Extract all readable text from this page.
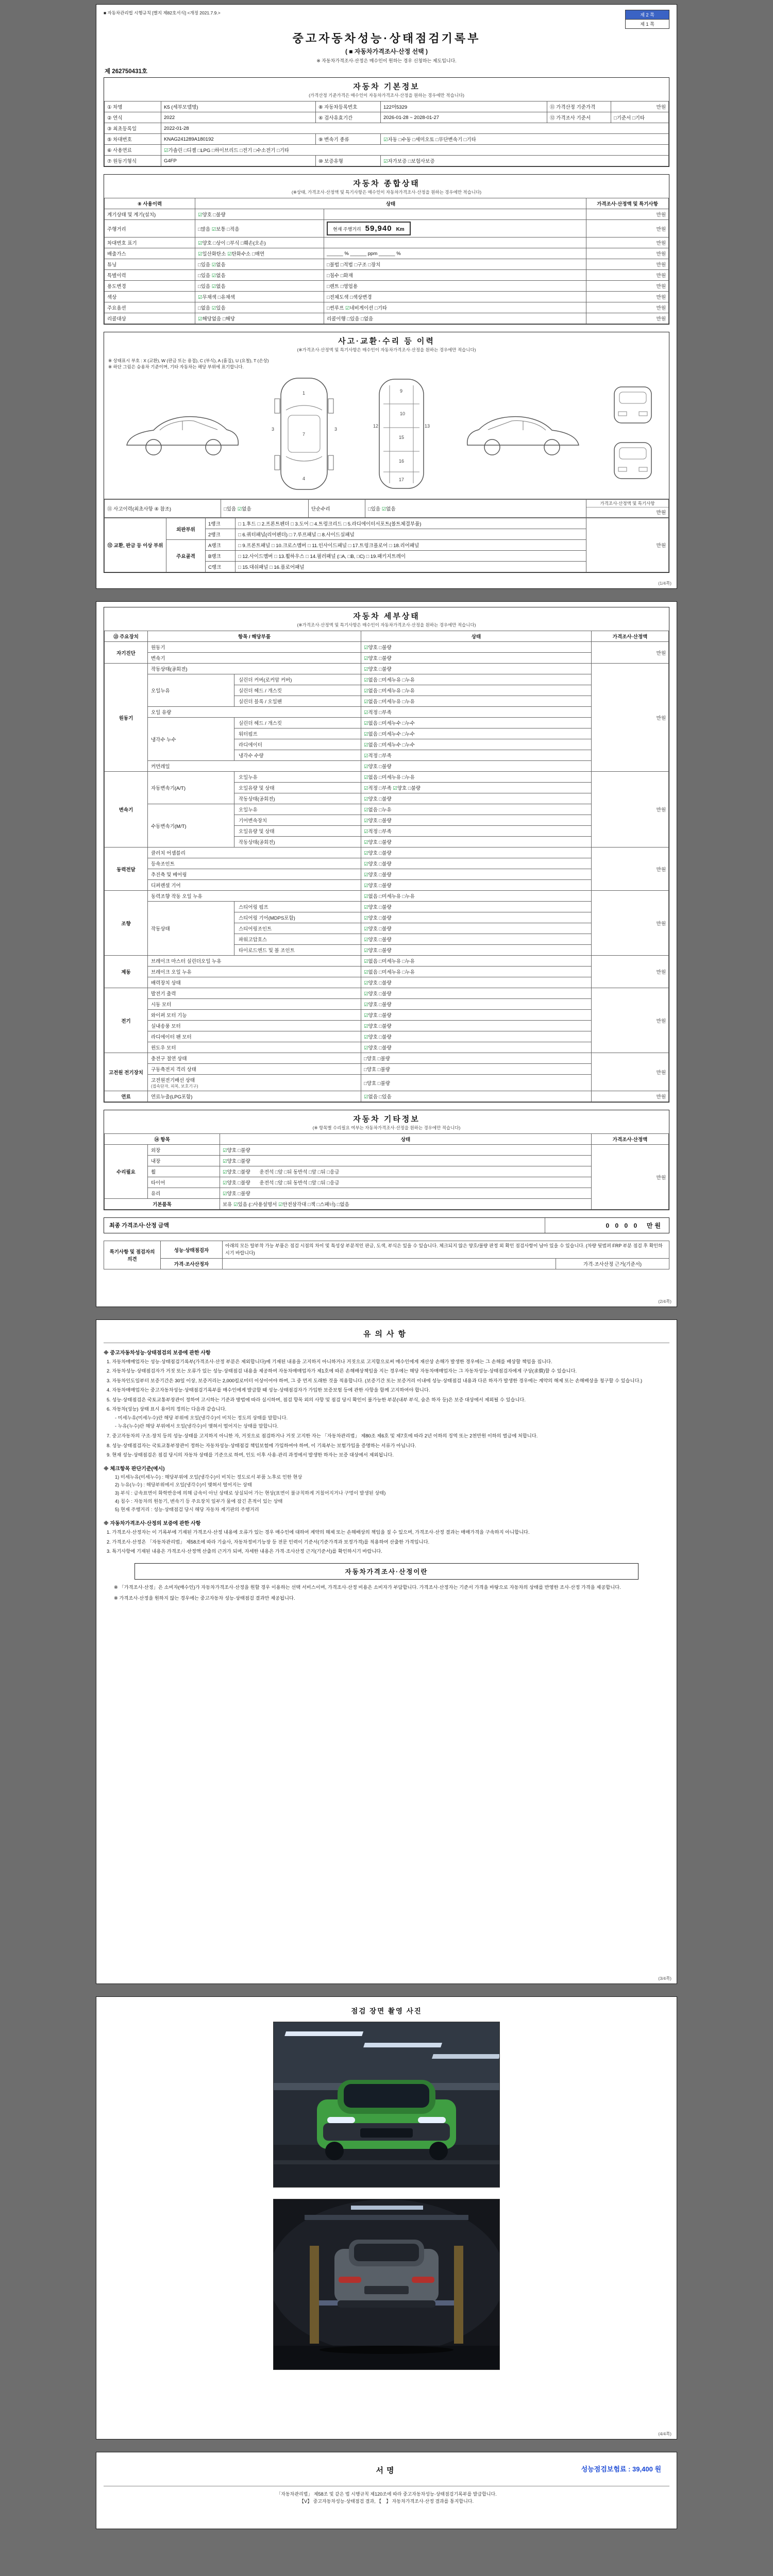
■ 자동차관리법 시행규칙 [별지 제82호서식] <개정 2021.7.9.>	제 2 쪽
제 1 쪽
중고자동차성능·상태점검기록부
( ■ 자동차가격조사·산정 선택 )
※ 자동차가격조사·산정은 매수인이 원하는 경우 신청하는 제도입니다.
제 262750431호
자동차 기본정보
(가격산정 기준가격은 매수인이 자동차가격조사·산정을 원하는 경우에만 적습니다)
① 차명	K5 (세부모델명)	⑧ 자동차등록번호	122머5329	⑪ 가격산정 기준가격	만원
② 연식	2022	④ 검사유효기간	2026-01-28 ~ 2028-01-27	⑫ 가격조사 기준서	□기준서 □기타
③ 최초등록일	2022-01-28				
⑤ 차대번호	KNAG241289A180192	⑨ 변속기 종류	☑자동 □수동 □세미오토 □무단변속기 □기타		
⑥ 사용연료	☑가솔린 □디젤 □LPG □하이브리드 □전기 □수소전기 □기타				
⑦ 원동기형식	G4FP	⑩ 보증유형	☑자가보증 □보험사보증		
자동차 종합상태
(※상태, 가격조사·산정액 및 특기사항은 매수인이 자동차가격조사·산정을 원하는 경우에만 적습니다)
⑧ 사용이력	상태		가격조사·산정액 및 특기사항
계기상태 및 계기(설치)	☑양호 □불량		만원
주행거리	□많음 ☑보통 □적음	현재 주행거리 59,940 Km	만원
차대번호 표기	☑양호 □상이 □부식 □훼손(오손)		만원
배출가스	☑일산화탄소 ☑탄화수소 □매연	______ % ______ ppm ______ %	만원
튜닝	□있음 ☑없음	□불법 □적법 □구조 □장치	만원
특별이력	□있음 ☑없음	□침수 □화재	만원
용도변경	□있음 ☑없음	□렌트 □영업용	만원
색상	☑무채색 □유채색	□전체도색 □색상변경	만원
주요옵션	□없음 ☑있음	□썬루프 ☑네비게이션 □기타	만원
리콜대상	☑해당없음 □해당	리콜이행 □있음 □없음	만원
사고·교환·수리 등 이력
(※가격조사·산정액 및 특기사항은 매수인이 자동차가격조사·산정을 원하는 경우에만 적습니다)
※ 상태표시 부호 : X (교환), W (판금 또는 용접), C (부식), A (흠집), U (요철), T (손상)
※ 하단 그림은 승용차 기준이며, 기타 자동차는 해당 부위에 표기합니다.
1
3	3
7
4
9
10
12	13
15
16
17
⑪ 사고이력(최초사항 ④ 참조)	□있음 ☑없음	단순수리	□있음 ☑없음	
가격조사·산정액 및 특기사항
만원
⑫ 교환, 판금 등 이상 부위	외판부위	1랭크	□ 1.후드 □ 2.프론트펜더 □ 3.도어 □ 4.트렁크리드 □ 5.라디에이터서포트(볼트체결부품)	만원
		2랭크	□ 6.쿼터패널(리어펜더) □ 7.루프패널 □ 8.사이드실패널	
	주요골격	A랭크	□ 9.프론트패널 □ 10.크로스멤버 □ 11.인사이드패널 □ 17.트렁크플로어 □ 18.리어패널	
		B랭크	□ 12.사이드멤버 □ 13.휠하우스 □ 14.필러패널 (□A, □B, □C) □ 19.패키지트레이	
		C랭크	□ 15.대쉬패널 □ 16.플로어패널	
(1/4쪽)
자동차 세부상태
(※가격조사·산정액 및 특기사항은 매수인이 자동차가격조사·산정을 원하는 경우에만 적습니다)
⑬ 주요장치	항목 / 해당부품		상태	가격조사·산정액
자기진단	원동기		☑양호 □불량	만원
	변속기		☑양호 □불량	
원동기	작동상태(공회전)		☑양호 □불량	만원
	오일누유	실린더 커버(로커암 커버)	☑없음 □미세누유 □누유	
		실린더 헤드 / 개스킷	☑없음 □미세누유 □누유	
		실린더 블록 / 오일팬	☑없음 □미세누유 □누유	
	오일 유량		☑적정 □부족	
	냉각수 누수	실린더 헤드 / 개스킷	☑없음 □미세누수 □누수	
		워터펌프	☑없음 □미세누수 □누수	
		라디에이터	☑없음 □미세누수 □누수	
		냉각수 수량	☑적정 □부족	
	커먼레일		☑양호 □불량	
변속기	자동변속기(A/T)	오일누유	☑없음 □미세누유 □누유	만원
		오일유량 및 상태	☑적정 □부족 ☑양호 □불량	
		작동상태(공회전)	☑양호 □불량	
	수동변속기(M/T)	오일누유	☑없음 □누유	
		기어변속장치	☑양호 □불량	
		오일유량 및 상태	☑적정 □부족	
		작동상태(공회전)	☑양호 □불량	
동력전달	클러치 어셈블리		☑양호 □불량	만원
	등속조인트		☑양호 □불량	
	추진축 및 베어링		☑양호 □불량	
	디퍼렌셜 기어		☑양호 □불량	
조향	동력조향 작동 오일 누유		☑없음 □미세누유 □누유	만원
	작동상태	스티어링 펌프	☑양호 □불량	
		스티어링 기어(MDPS포함)	☑양호 □불량	
		스티어링조인트	☑양호 □불량	
		파워고압호스	☑양호 □불량	
		타이로드엔드 및 볼 조인트	☑양호 □불량	
제동	브레이크 마스터 실린더오일 누유		☑없음 □미세누유 □누유	만원
	브레이크 오일 누유		☑없음 □미세누유 □누유	
	배력장치 상태		☑양호 □불량	
전기	발전기 출력		☑양호 □불량	만원
	시동 모터		☑양호 □불량	
	와이퍼 모터 기능		☑양호 □불량	
	실내송풍 모터		☑양호 □불량	
	라디에이터 팬 모터		☑양호 □불량	
	윈도우 모터		☑양호 □불량	
고전원 전기장치	충전구 절연 상태		□양호 □불량	만원
	구동축전지 격리 상태		□양호 □불량	
	고전원전기배선 상태
(접속단자, 피복, 보호기구)		□양호 □불량	
연료	연료누출(LPG포함)		☑없음 □있음	만원
자동차 기타정보
(※ 항목별 수리필요 여부는 자동차가격조사·산정을 원하는 경우에만 적습니다)
⑭ 항목		상태	가격조사·산정액
수리필요	외장	☑양호 □불량	만원
	내장	☑양호 □불량	
	휠	☑양호 □불량 운전석 □앞 □뒤 동반석 □앞 □뒤 □응급	
	타이어	☑양호 □불량 운전석 □앞 □뒤 동반석 □앞 □뒤 □응급	
	유리	☑양호 □불량	
기본품목		보유 ☑있음 (□사용설명서 ☑안전삼각대 □잭 □스패너) □없음	
최종 가격조사·산정 금액	0 0 0 0 만원
특기사항 및 점검자의 의견	성능·상태점검자	아래의 모든 탈부착 가능 부품은 점검 시점의 차이 및 특성상 부분적인 판금, 도색, 부식은 있을 수 있습니다. 체크되지 않은 양호/불량 판정 외 확인 점검사항이 남아 있을 수 있습니다. (차량 뒷범퍼 FRP 부분 점검 후 확인하시기 바랍니다)	
	가격·조사산정자		가격·조사산정 근거(기준서)
(2/4쪽)
유의사항
※ 중고자동차성능·상태점검의 보증에 관한 사항
1. 자동차매매업자는 성능·상태점검기록부(가격조사·산정 부분은 제외합니다)에 기재된 내용을 고지하지 아니하거나 거짓으로 고지함으로써 매수인에게 재산상 손해가 발생한 경우에는 그 손해를 배상할 책임을 집니다.
2. 자동차성능·상태점검자가 거짓 또는 오류가 있는 성능·상태점검 내용을 제공하여 자동차매매업자가 제1호에 따른 손해배상책임을 지는 경우에는 해당 자동차매매업자는 그 자동차성능·상태점검자에게 구상(求償)할 수 있습니다.
3. 자동차인도일부터 보증기간은 30일 이상, 보증거리는 2,000킬로미터 이상이어야 하며, 그 중 먼저 도래한 것을 적용합니다. (보증기간 또는 보증거리 이내에 성능·상태점검 내용과 다른 하자가 발생한 경우에는 계약의 해제 또는 손해배상을 청구할 수 있습니다.)
4. 자동차매매업자는 중고자동차성능·상태점검기록부를 매수인에게 발급할 때 성능·상태점검자가 가입한 보증보험 등에 관한 사항을 함께 고지하여야 합니다.
5. 성능·상태점검은 국토교통부장관이 정하여 고시하는 기준과 방법에 따라 실시하며, 점검 항목 외의 사항 및 점검 당시 확인이 불가능한 부분(내부 부식, 숨은 하자 등)은 보증 대상에서 제외될 수 있습니다.
6. 자동차(성능) 상태 표시 용어의 정의는 다음과 같습니다.
- 미세누유(미세누수)란 해당 부위에 오일(냉각수)이 비치는 정도의 상태를 말합니다.
- 누유(누수)란 해당 부위에서 오일(냉각수)이 맺혀서 떨어지는 상태를 말합니다.
7. 중고자동차의 구조·장치 등의 성능·상태를 고지하지 아니한 자, 거짓으로 점검하거나 거짓 고지한 자는 「자동차관리법」 제80조 제6호 및 제7호에 따라 2년 이하의 징역 또는 2천만원 이하의 벌금에 처합니다.
8. 성능·상태점검자는 국토교통부장관이 정하는 자동차성능·상태점검 책임보험에 가입하여야 하며, 이 기록부는 보험가입을 증명하는 서류가 아닙니다.
9. 현재 성능·상태점검은 점검 당시의 자동차 상태를 기준으로 하며, 인도 이후 사용·관리 과정에서 발생한 하자는 보증 대상에서 제외됩니다.
※ 체크항목 판단기준(예시)
1) 미세누유(미세누수) : 해당부위에 오일(냉각수)이 비치는 정도로서 부품 노후로 인한 현상
2) 누유(누수) : 해당부위에서 오일(냉각수)이 맺혀서 떨어지는 상태
3) 부식 : 금속표면이 화학반응에 의해 금속이 아닌 상태로 상실되어 가는 현상(표면이 불규칙하게 거칠어지거나 구멍이 발생된 상태)
4) 침수 : 자동차의 원동기, 변속기 등 주요장치 일부가 물에 잠긴 흔적이 있는 상태
5) 현재 주행거리 : 성능·상태점검 당시 해당 자동차 계기판의 주행거리
※ 자동차가격조사·산정의 보증에 관한 사항
1. 가격조사·산정자는 이 기록부에 기재된 가격조사·산정 내용에 오류가 있는 경우 매수인에 대하여 계약의 해제 또는 손해배상의 책임을 질 수 있으며, 가격조사·산정 결과는 매매가격을 구속하지 아니합니다.
2. 가격조사·산정은 「자동차관리법」 제58조에 따라 기술사, 자동차정비기능장 등 전문 인력이 기준서(기준가격과 보정가격)를 적용하여 산출한 가격입니다.
3. 특기사항에 기재된 내용은 가격조사·산정액 산출의 근거가 되며, 자세한 내용은 가격·조사산정 근거(기준서)를 확인하시기 바랍니다.
자동차가격조사·산정이란
※ 「가격조사·산정」은 소비자(매수인)가 자동차가격조사·산정을 원할 경우 이용하는 선택 서비스이며, 가격조사·산정 비용은 소비자가 부담합니다. 가격조사·산정자는 기준서 가격을 바탕으로 자동차의 상태를 반영한 조사·산정 가격을 제공합니다.
※ 가격조사·산정을 원하지 않는 경우에는 중고자동차 성능·상태점검 결과만 제공됩니다.
(3/4쪽)
점검 장면 촬영 사진
(4/4쪽)
서명	성능점검보험료 : 39,400 원
「자동차관리법」 제58조 및 같은 법 시행규칙 제120조에 따라 중고자동차성능·상태점검기록부를 발급합니다.
【Ⅴ】 중고자동차성능·상태점검 결과, 【　】 자동차가격조사·산정 결과를 통지합니다.
